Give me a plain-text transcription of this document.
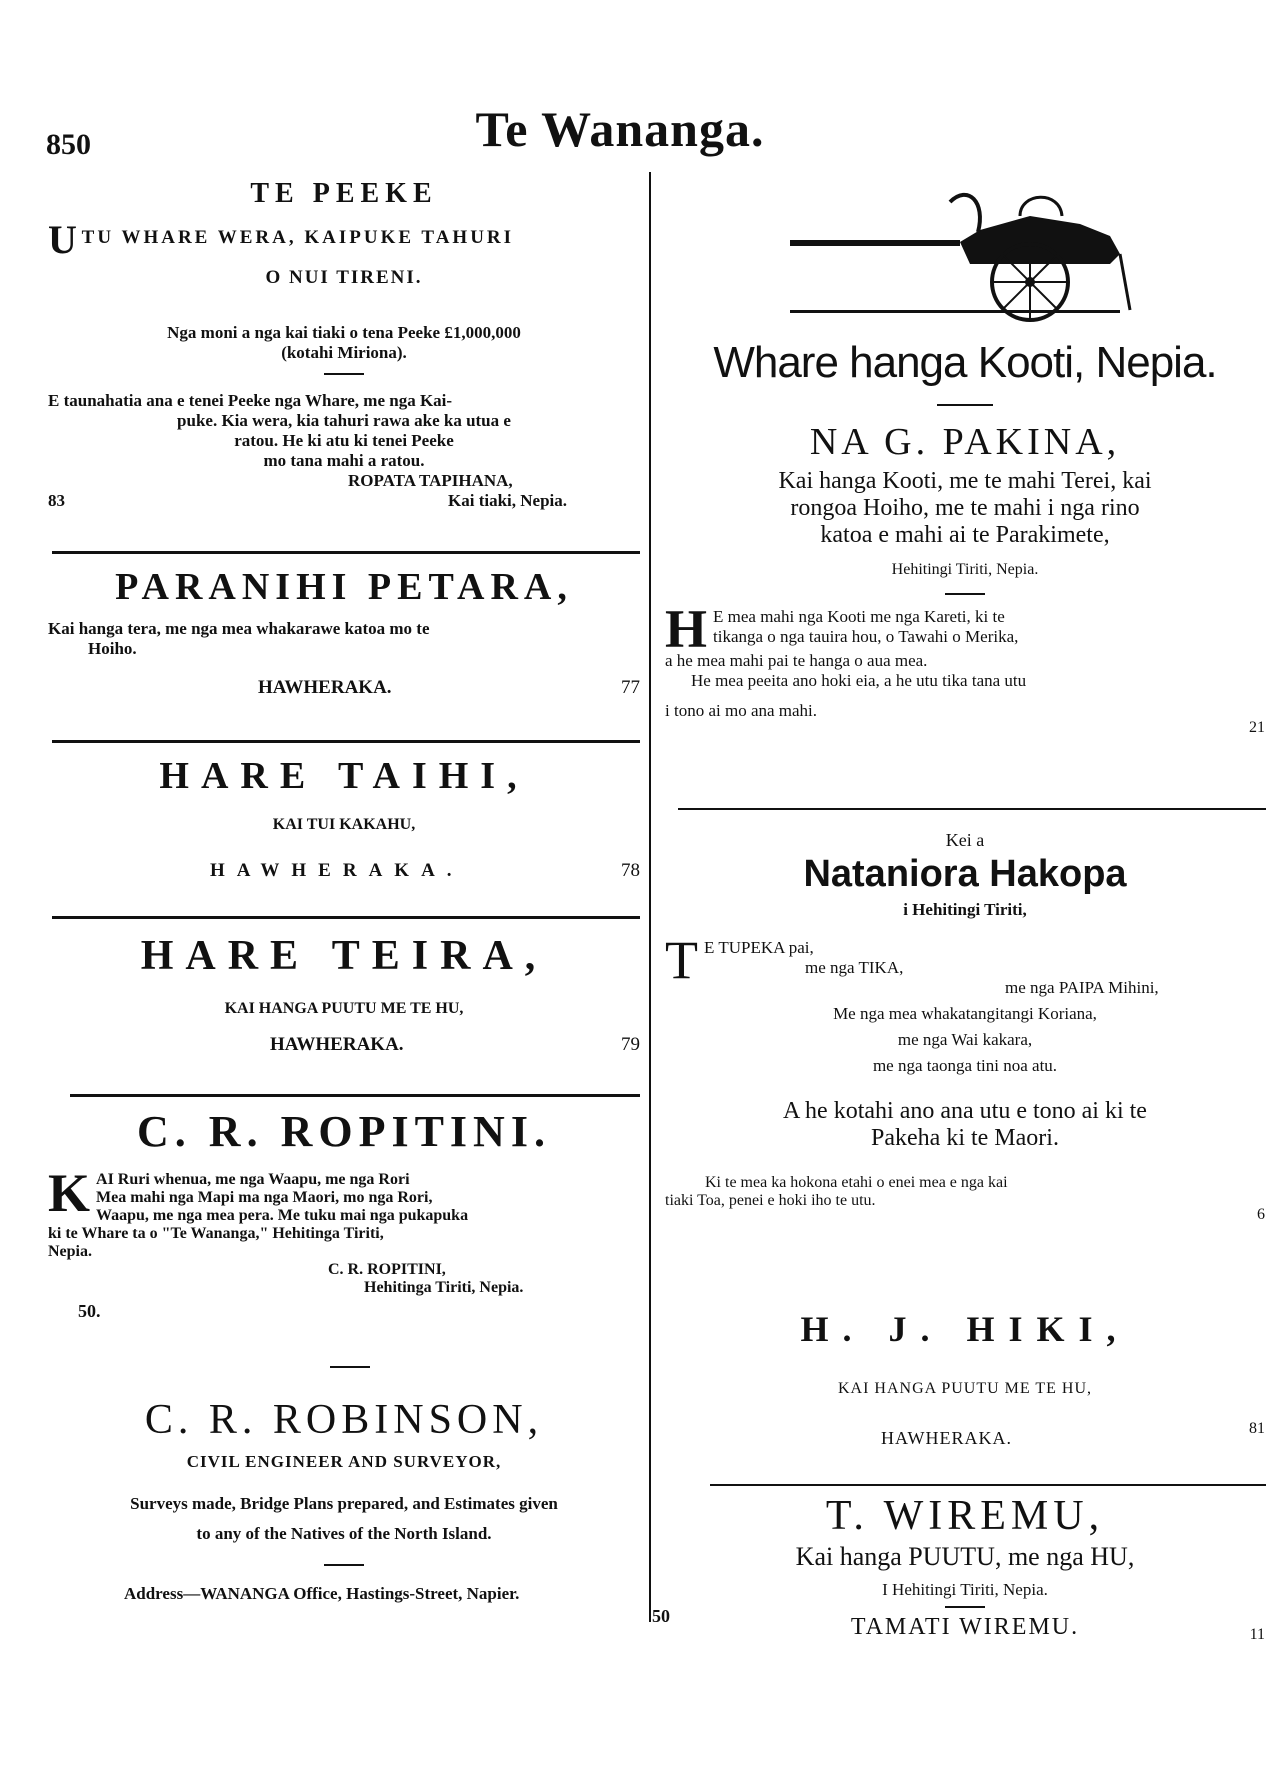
850	Te Wananga.
TE PEEKE
U TU WHARE WERA, KAIPUKE TAHURI
O NUI TIRENI.
Nga moni a nga kai tiaki o tena Peeke £1,000,000
(kotahi Miriona).
E taunahatia ana e tenei Peeke nga Whare, me nga Kai-
puke. Kia wera, kia tahuri rawa ake ka utua e
ratou. He ki atu ki tenei Peeke
mo tana mahi a ratou.
ROPATA TAPIHANA,
83	Kai tiaki, Nepia.
PARANIHI PETARA,
Kai hanga tera, me nga mea whakarawe katoa mo te
Hoiho.
HAWHERAKA.	77
HARE TAIHI,
KAI TUI KAKAHU,
HAWHERAKA.	78
HARE TEIRA,
KAI HANGA PUUTU ME TE HU,
HAWHERAKA.	79
C. R. ROPITINI.
K AI Ruri whenua, me nga Waapu, me nga Rori
Mea mahi nga Mapi ma nga Maori, mo nga Rori,
Waapu, me nga mea pera. Me tuku mai nga pukapuka
ki te Whare ta o "Te Wananga," Hehitinga Tiriti,
Nepia.
C. R. ROPITINI,
Hehitinga Tiriti, Nepia.
50.
C. R. ROBINSON,
CIVIL ENGINEER AND SURVEYOR,
Surveys made, Bridge Plans prepared, and Estimates given
to any of the Natives of the North Island.
Address—WANANGA Office, Hastings-Street, Napier.
50
Whare hanga Kooti, Nepia.
NA G. PAKINA,
Kai hanga Kooti, me te mahi Terei, kai
rongoa Hoiho, me te mahi i nga rino
katoa e mahi ai te Parakimete,
Hehitingi Tiriti, Nepia.
H E mea mahi nga Kooti me nga Kareti, ki te
tikanga o nga tauira hou, o Tawahi o Merika,
a he mea mahi pai te hanga o aua mea.
He mea peeita ano hoki eia, a he utu tika tana utu
i tono ai mo ana mahi.
21
Kei a
Nataniora Hakopa
i Hehitingi Tiriti,
T E TUPEKA pai,
me nga TIKA,
me nga PAIPA Mihini,
Me nga mea whakatangitangi Koriana,
me nga Wai kakara,
me nga taonga tini noa atu.
A he kotahi ano ana utu e tono ai ki te
Pakeha ki te Maori.
Ki te mea ka hokona etahi o enei mea e nga kai
tiaki Toa, penei e hoki iho te utu.
6
H. J. HIKI,
KAI HANGA PUUTU ME TE HU,
HAWHERAKA.	81
T. WIREMU,
Kai hanga PUUTU, me nga HU,
I Hehitingi Tiriti, Nepia.
TAMATI WIREMU.	11
